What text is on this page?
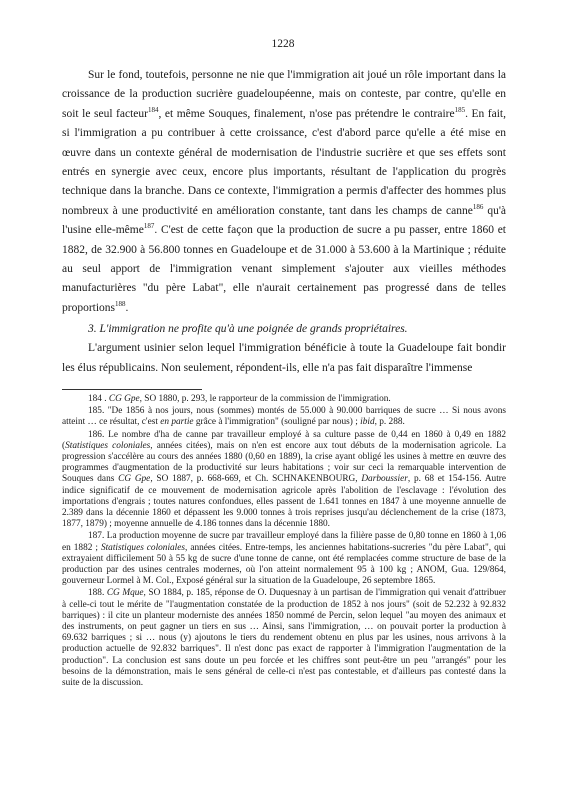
1228

Sur le fond, toutefois, personne ne nie que l'immigration ait joué un rôle important dans la croissance de la production sucrière guadeloupéenne, mais on conteste, par contre, qu'elle en soit le seul facteur$^{184}$, et même Souques, finalement, n'ose pas prétendre le contraire$^{185}$. En fait, si l'immigration a pu contribuer à cette croissance, c'est d'abord parce qu'elle a été mise en œuvre dans un contexte général de modernisation de l'industrie sucrière et que ses effets sont entrés en synergie avec ceux, encore plus importants, résultant de l'application du progrès technique dans la branche. Dans ce contexte, l'immigration a permis d'affecter des hommes plus nombreux à une productivité en amélioration constante, tant dans les champs de canne$^{186}$ qu'à l'usine elle-même$^{187}$. C'est de cette façon que la production de sucre a pu passer, entre 1860 et 1882, de 32.900 à 56.800 tonnes en Guadeloupe et de 31.000 à 53.600 à la Martinique ; réduite au seul apport de l'immigration venant simplement s'ajouter aux vieilles méthodes manufacturières "du père Labat", elle n'aurait certainement pas progressé dans de telles proportions$^{188}$.

3. L'immigration ne profite qu'à une poignée de grands propriétaires.

L'argument usinier selon lequel l'immigration bénéficie à toute la Guadeloupe fait bondir les élus républicains. Non seulement, répondent-ils, elle n'a pas fait disparaître l'immense

184 . CG Gpe, SO 1880, p. 293, le rapporteur de la commission de l'immigration.

185. "De 1856 à nos jours, nous (sommes) montés de 55.000 à 90.000 barriques de sucre … Si nous avons atteint … ce résultat, c'est en partie grâce à l'immigration" (souligné par nous) ; ibid, p. 288.

186. Le nombre d'ha de canne par travailleur employé à sa culture passe de 0,44 en 1860 à 0,49 en 1882 (Statistiques coloniales, années citées), mais on n'en est encore aux tout débuts de la modernisation agricole. La progression s'accélère au cours des années 1880 (0,60 en 1889), la crise ayant obligé les usines à mettre en œuvre des programmes d'augmentation de la productivité sur leurs habitations ; voir sur ceci la remarquable intervention de Souques dans CG Gpe, SO 1887, p. 668-669, et Ch. SCHNAKENBOURG, Darboussier, p. 68 et 154-156. Autre indice significatif de ce mouvement de modernisation agricole après l'abolition de l'esclavage : l'évolution des importations d'engrais ; toutes natures confondues, elles passent de 1.641 tonnes en 1847 à une moyenne annuelle de 2.389 dans la décennie 1860 et dépassent les 9.000 tonnes à trois reprises jusqu'au déclenchement de la crise (1873, 1877, 1879) ; moyenne annuelle de 4.186 tonnes dans la décennie 1880.

187. La production moyenne de sucre par travailleur employé dans la filière passe de 0,80 tonne en 1860 à 1,06 en 1882 ; Statistiques coloniales, années citées. Entre-temps, les anciennes habitations-sucreries "du père Labat", qui extrayaient difficilement 50 à 55 kg de sucre d'une tonne de canne, ont été remplacées comme structure de base de la production par des usines centrales modernes, où l'on atteint normalement 95 à 100 kg ; ANOM, Gua. 129/864, gouverneur Lormel à M. Col., Exposé général sur la situation de la Guadeloupe, 26 septembre 1865.

188. CG Mque, SO 1884, p. 185, réponse de O. Duquesnay à un partisan de l'immigration qui venait d'attribuer à celle-ci tout le mérite de "l'augmentation constatée de la production de 1852 à nos jours" (soit de 52.232 à 92.832 barriques) : il cite un planteur moderniste des années 1850 nommé de Percin, selon lequel "au moyen des animaux et des instruments, on peut gagner un tiers en sus … Ainsi, sans l'immigration, … on pouvait porter la production à 69.632 barriques ; si … nous (y) ajoutons le tiers du rendement obtenu en plus par les usines, nous arrivons à la production actuelle de 92.832 barriques". Il n'est donc pas exact de rapporter à l'immigration l'augmentation de la production". La conclusion est sans doute un peu forcée et les chiffres sont peut-être un peu "arrangés" pour les besoins de la démonstration, mais le sens général de celle-ci n'est pas contestable, et d'ailleurs pas contesté dans la suite de la discussion.
